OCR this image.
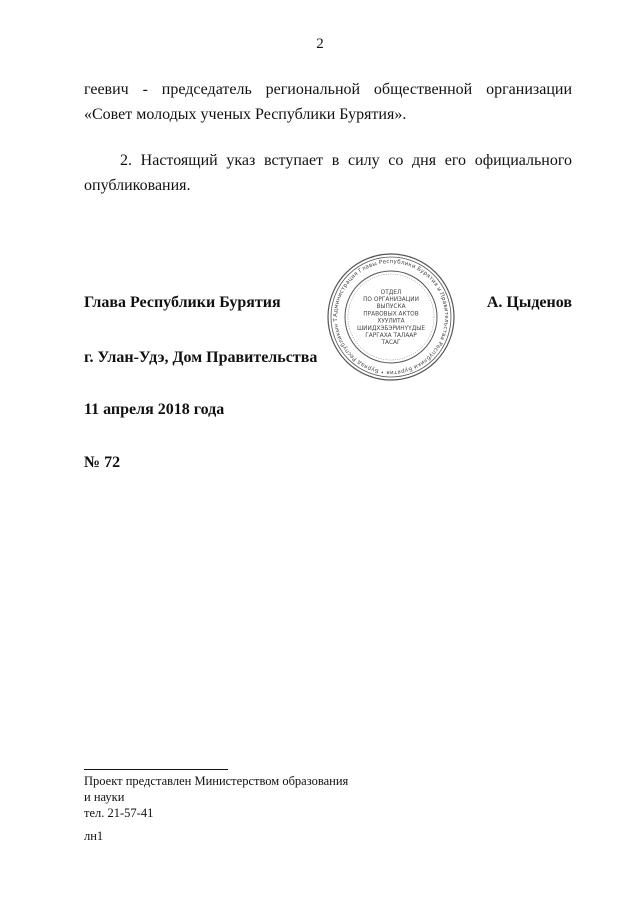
2
геевич - председатель региональной общественной организации «Совет молодых ученых Республики Бурятия».
2. Настоящий указ вступает в силу со дня его официального опубликования.
Администрация Главы Республики Бурятия и Правительства Республики Бурятия • Буряад Республикын Т
ОТДЕЛ
ПО ОРГАНИЗАЦИИ
ВЫПУСКА
ПРАВОВЫХ АКТОВ
ХУУЛИТА
ШИИДХЭБЭРИНҮҮДЫЕ
ГАРГАХА ТАЛААР
ТАСАГ
Глава Республики Бурятия	А. Цыденов
г. Улан-Удэ, Дом Правительства
11 апреля 2018 года
№ 72
Проект представлен Министерством образования
и науки
тел. 21-57-41
лн1
